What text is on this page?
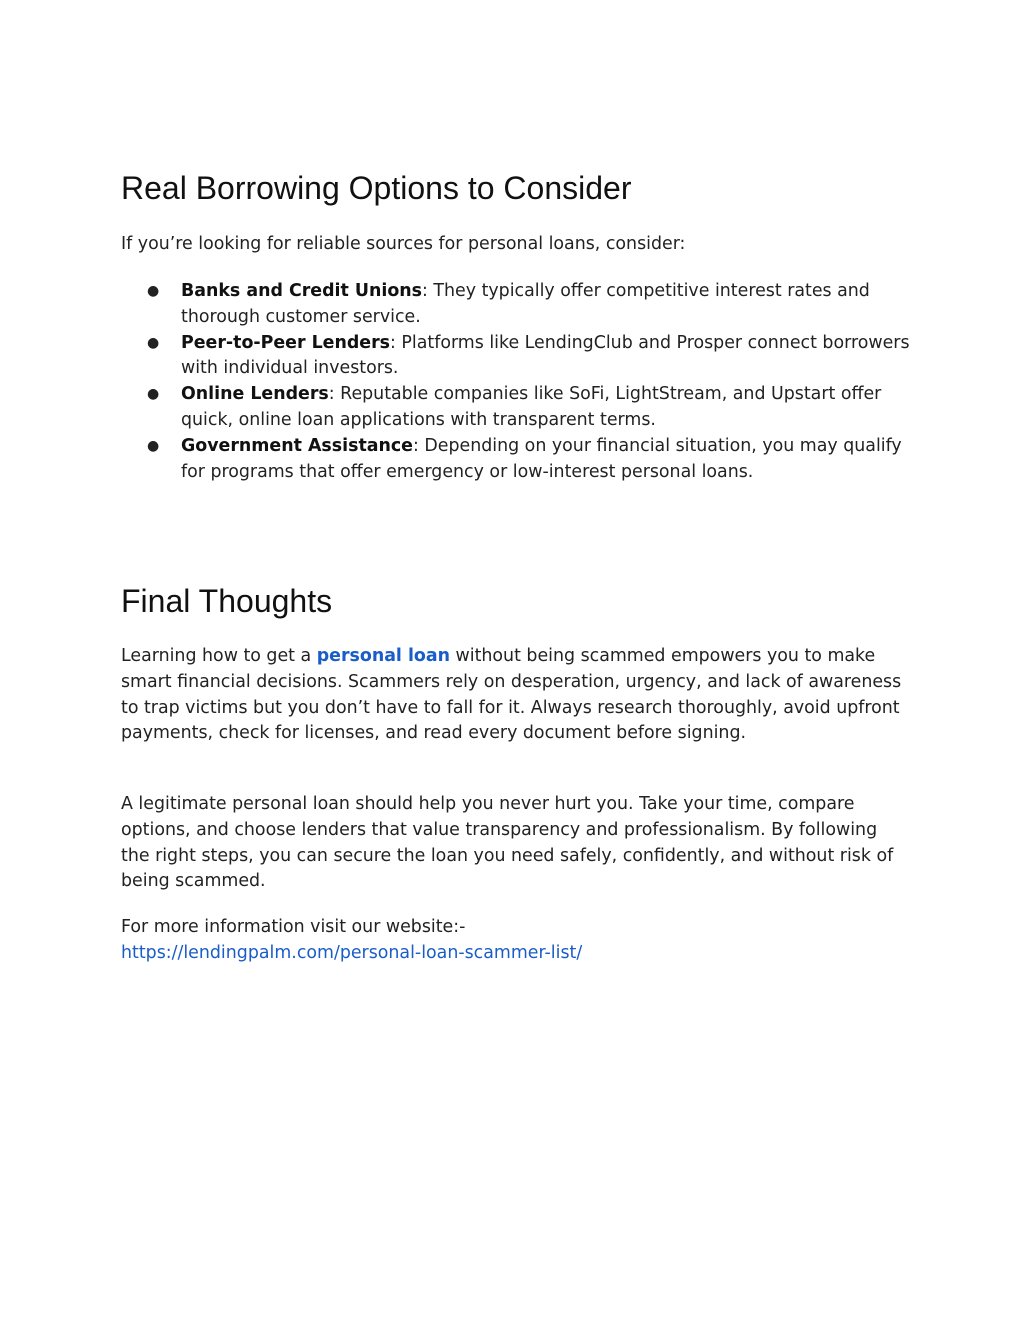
Real Borrowing Options to Consider

If you’re looking for reliable sources for personal loans, consider:

● Banks and Credit Unions: They typically offer competitive interest rates and thorough customer service.
● Peer-to-Peer Lenders: Platforms like LendingClub and Prosper connect borrowers with individual investors.
● Online Lenders: Reputable companies like SoFi, LightStream, and Upstart offer quick, online loan applications with transparent terms.
● Government Assistance: Depending on your financial situation, you may qualify for programs that offer emergency or low-interest personal loans.
Final Thoughts

Learning how to get a personal loan without being scammed empowers you to make smart financial decisions. Scammers rely on desperation, urgency, and lack of awareness to trap victims but you don’t have to fall for it. Always research thoroughly, avoid upfront payments, check for licenses, and read every document before signing.

A legitimate personal loan should help you never hurt you. Take your time, compare options, and choose lenders that value transparency and professionalism. By following the right steps, you can secure the loan you need safely, confidently, and without risk of being scammed.

For more information visit our website:-
https://lendingpalm.com/personal-loan-scammer-list/
